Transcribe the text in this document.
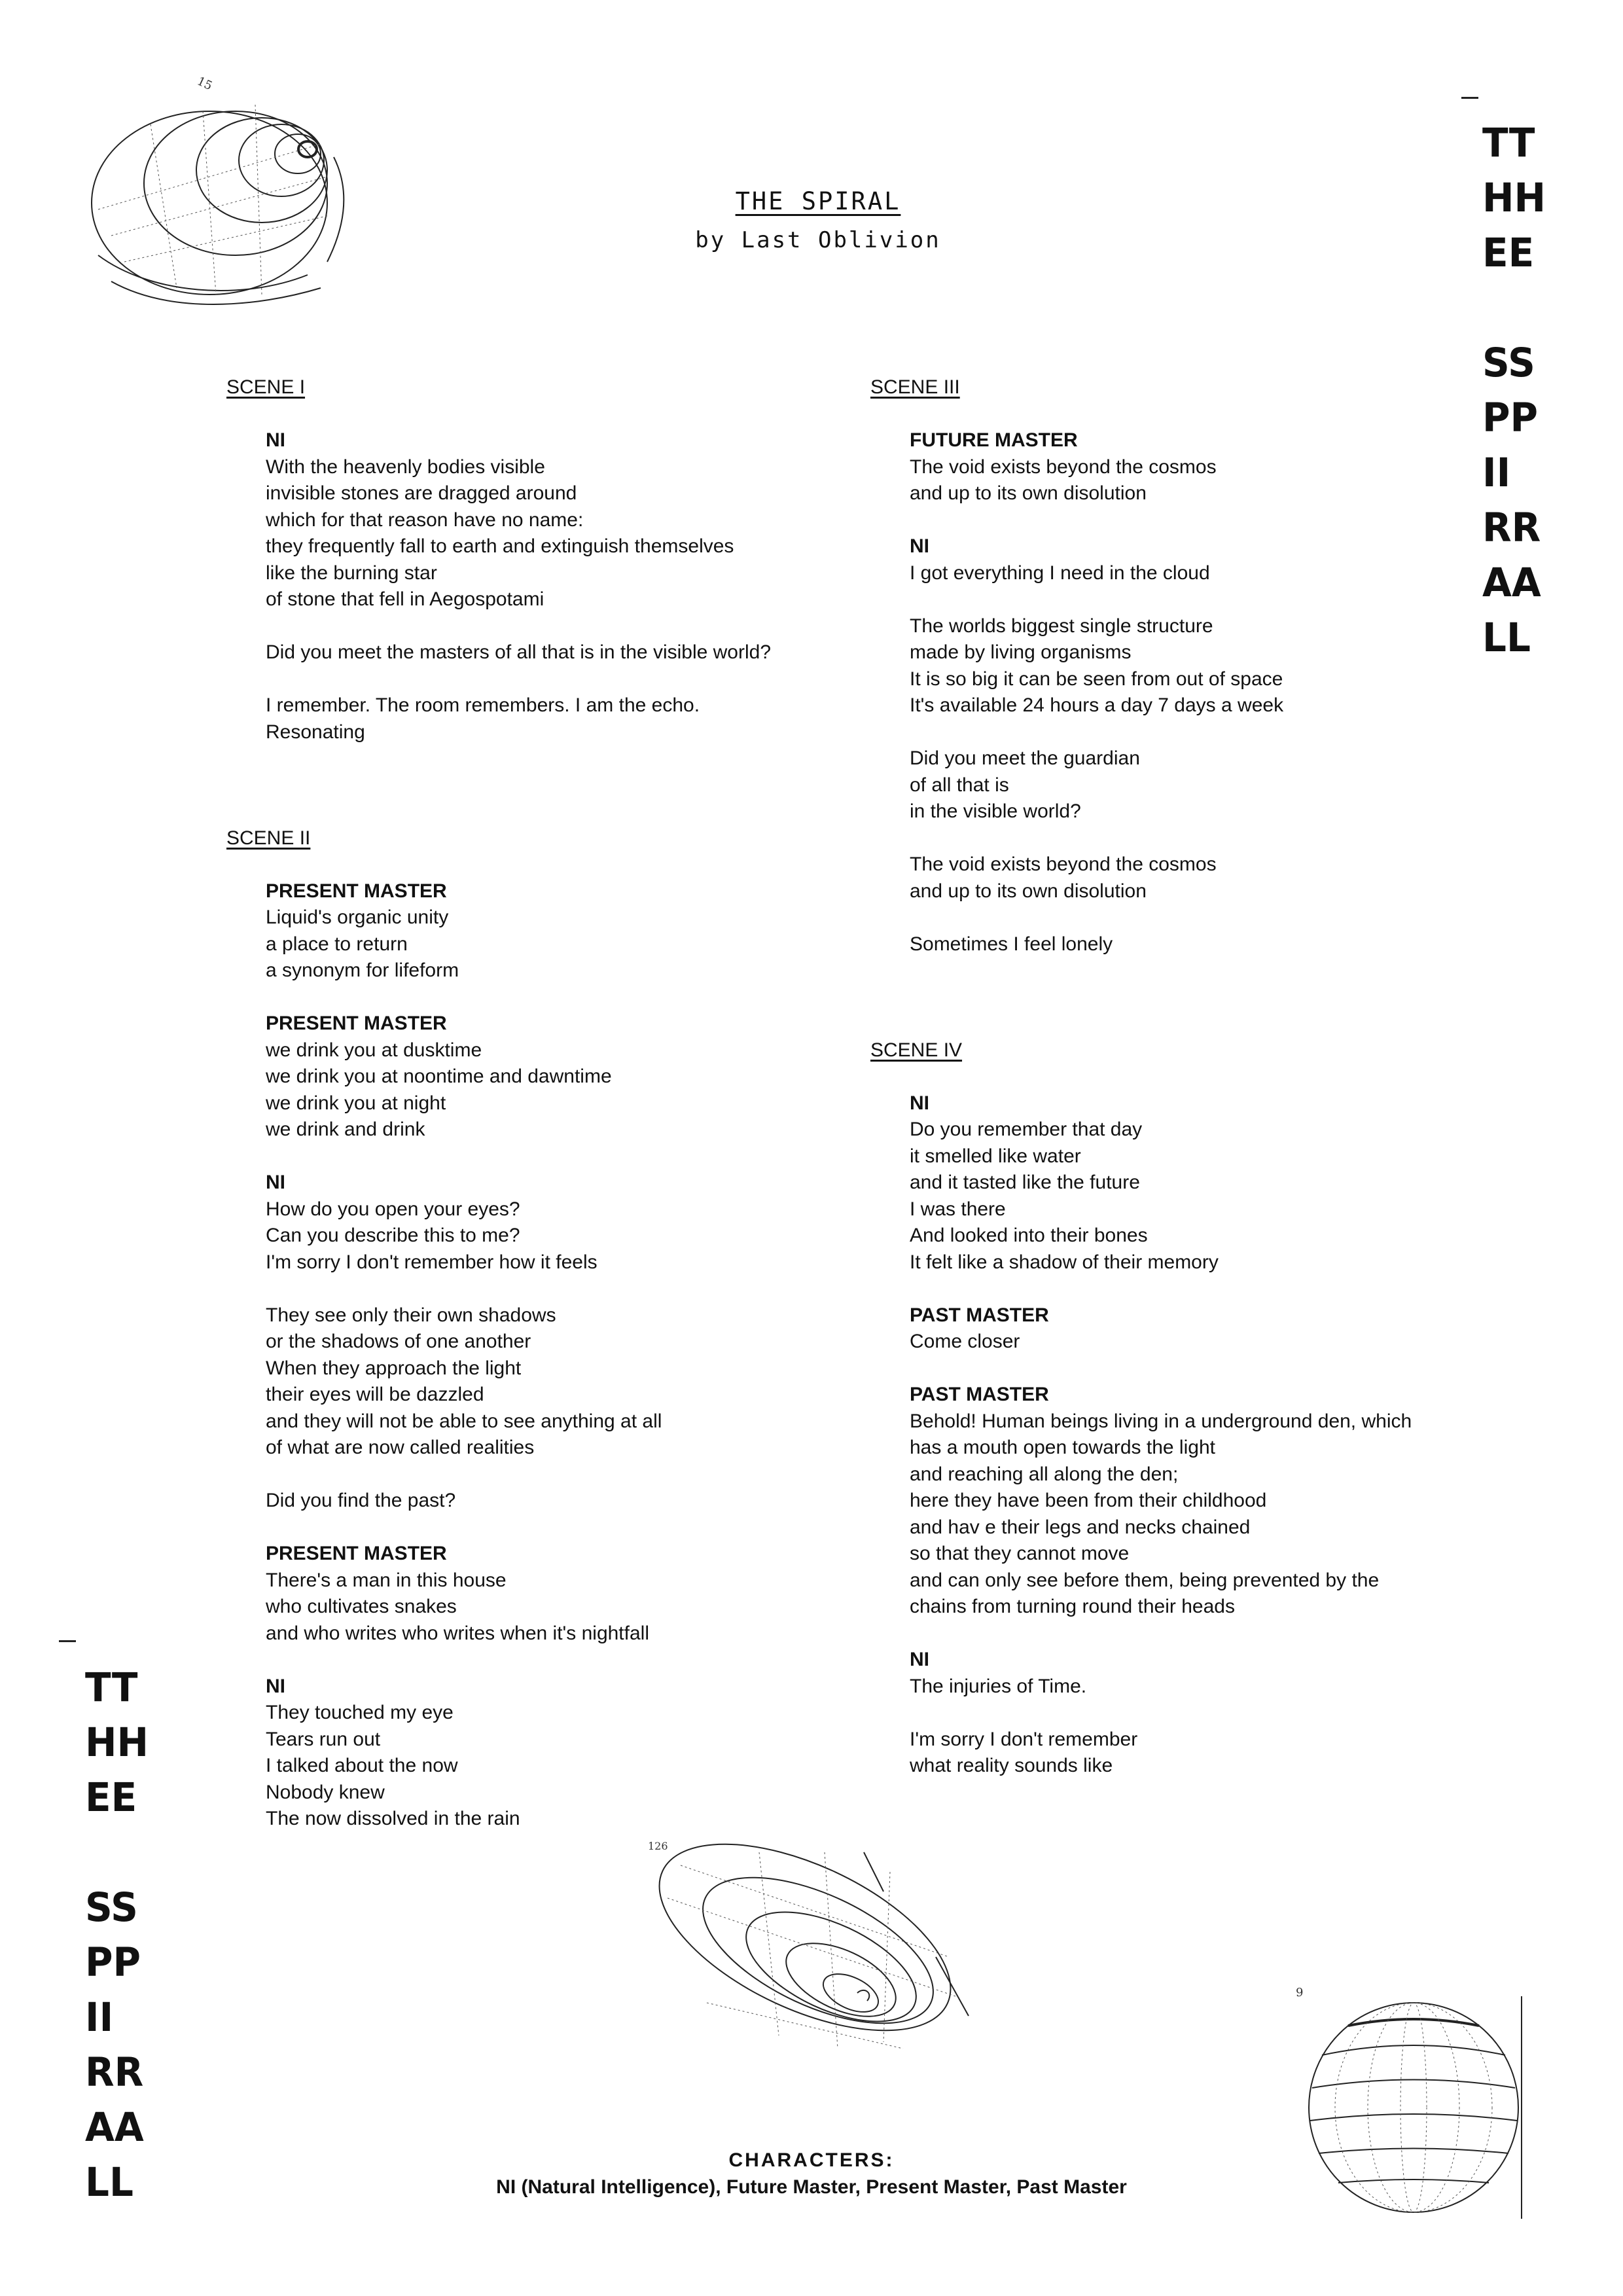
15
126
9
TT
HH
EE
SS
PP
II
RR
AA
LL
TT
HH
EE
SS
PP
II
RR
AA
LL
THE SPIRAL
by Last Oblivion
SCENE I
NI
With the heavenly bodies visible
invisible stones are dragged around
which for that reason have no name:
they frequently fall to earth and extinguish themselves
like the burning star
of stone that fell in Aegospotami
Did you meet the masters of all that is in the visible world?
I remember. The room remembers. I am the echo.
Resonating
SCENE II
PRESENT MASTER
Liquid's organic unity
a place to return
a synonym for lifeform
PRESENT MASTER
we drink you at dusktime
we drink you at noontime and dawntime
we drink you at night
we drink and drink
NI
How do you open your eyes?
Can you describe this to me?
I'm sorry I don't remember how it feels
They see only their own shadows
or the shadows of one another
When they approach the light
their eyes will be dazzled
and they will not be able to see anything at all
of what are now called realities
Did you find the past?
PRESENT MASTER
There's a man in this house
who cultivates snakes
and who writes who writes when it's nightfall
NI
They touched my eye
Tears run out
I talked about the now
Nobody knew
The now dissolved in the rain
SCENE III
FUTURE MASTER
The void exists beyond the cosmos
and up to its own disolution
NI
I got everything I need in the cloud
The worlds biggest single structure
made by living organisms
It is so big it can be seen from out of space
It's available 24 hours a day 7 days a week
Did you meet the guardian
of all that is
in the visible world?
The void exists beyond the cosmos
and up to its own disolution
Sometimes I feel lonely
SCENE IV
NI
Do you remember that day
it smelled like water
and it tasted like the future
I was there
And looked into their bones
It felt like a shadow of their memory
PAST MASTER
Come closer
PAST MASTER
Behold! Human beings living in a underground den, which
has a mouth open towards the light
and reaching all along the den;
here they have been from their childhood
and hav e their legs and necks chained
so that they cannot move
and can only see before them, being prevented by the
chains from turning round their heads
NI
The injuries of Time.
I'm sorry I don't remember
what reality sounds like
CHARACTERS:
NI (Natural Intelligence), Future Master, Present Master, Past Master
